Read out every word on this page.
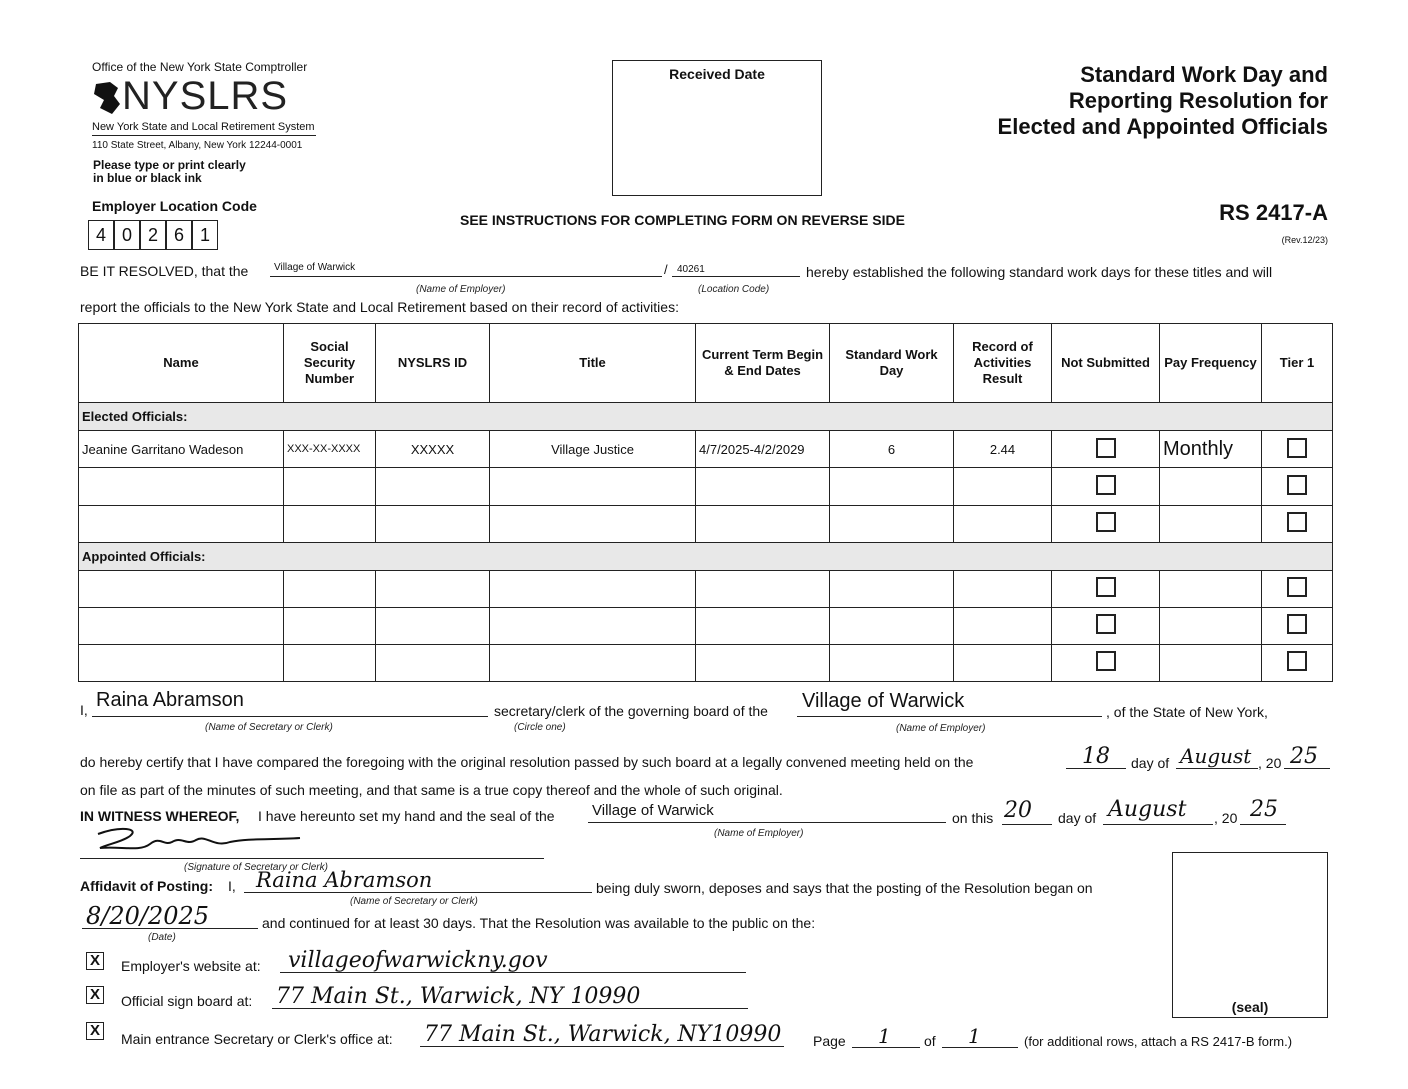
Office of the New York State Comptroller
NYSLRS
New York State and Local Retirement System
110 State Street, Albany, New York 12244-0001
Please type or print clearly
in blue or black ink
Received Date	Standard Work Day and
Reporting Resolution for
Elected and Appointed Officials
Employer Location Code
4 0 2 6 1
SEE INSTRUCTIONS FOR COMPLETING FORM ON REVERSE SIDE	RS 2417-A
(Rev.12/23)
BE IT RESOLVED, that the	Village of Warwick	/ 40261	hereby established the following standard work days for these titles and will
(Name of Employer)	(Location Code)
report the officials to the New York State and Local Retirement based on their record of activities:
Name	Social Security Number	NYSLRS ID	Title	Current Term Begin & End Dates	Standard Work Day	Record of Activities Result	Not Submitted	Pay Frequency	Tier 1
Elected Officials:									
Jeanine Garritano Wadeson	XXX-XX-XXXX	XXXXX	Village Justice	4/7/2025-4/2/2029	6	2.44		Monthly	

Appointed Officials:									

I, Raina Abramson	secretary/clerk of the governing board of the Village of Warwick	, of the State of New York,
(Name of Secretary or Clerk)	(Circle one)	(Name of Employer)
do hereby certify that I have compared the foregoing with the original resolution passed by such board at a legally convened meeting held on the	18 day of August , 20 25
on file as part of the minutes of such meeting, and that same is a true copy thereof and the whole of such original.
IN WITNESS WHEREOF, I have hereunto set my hand and the seal of the Village of Warwick	on this 20 day of August , 20 25
(Name of Employer)
(Signature of Secretary or Clerk)
Affidavit of Posting: I, Raina Abramson	being duly sworn, deposes and says that the posting of the Resolution began on
(Name of Secretary or Clerk)
8/20/2025	and continued for at least 30 days. That the Resolution was available to the public on the:
(Date)
X Employer's website at: villageofwarwickny.gov
X Official sign board at: 77 Main St., Warwick, NY 10990
X Main entrance Secretary or Clerk's office at: 77 Main St., Warwick, NY10990 Page 1 of 1	(for additional rows, attach a RS 2417-B form.)
(seal)
